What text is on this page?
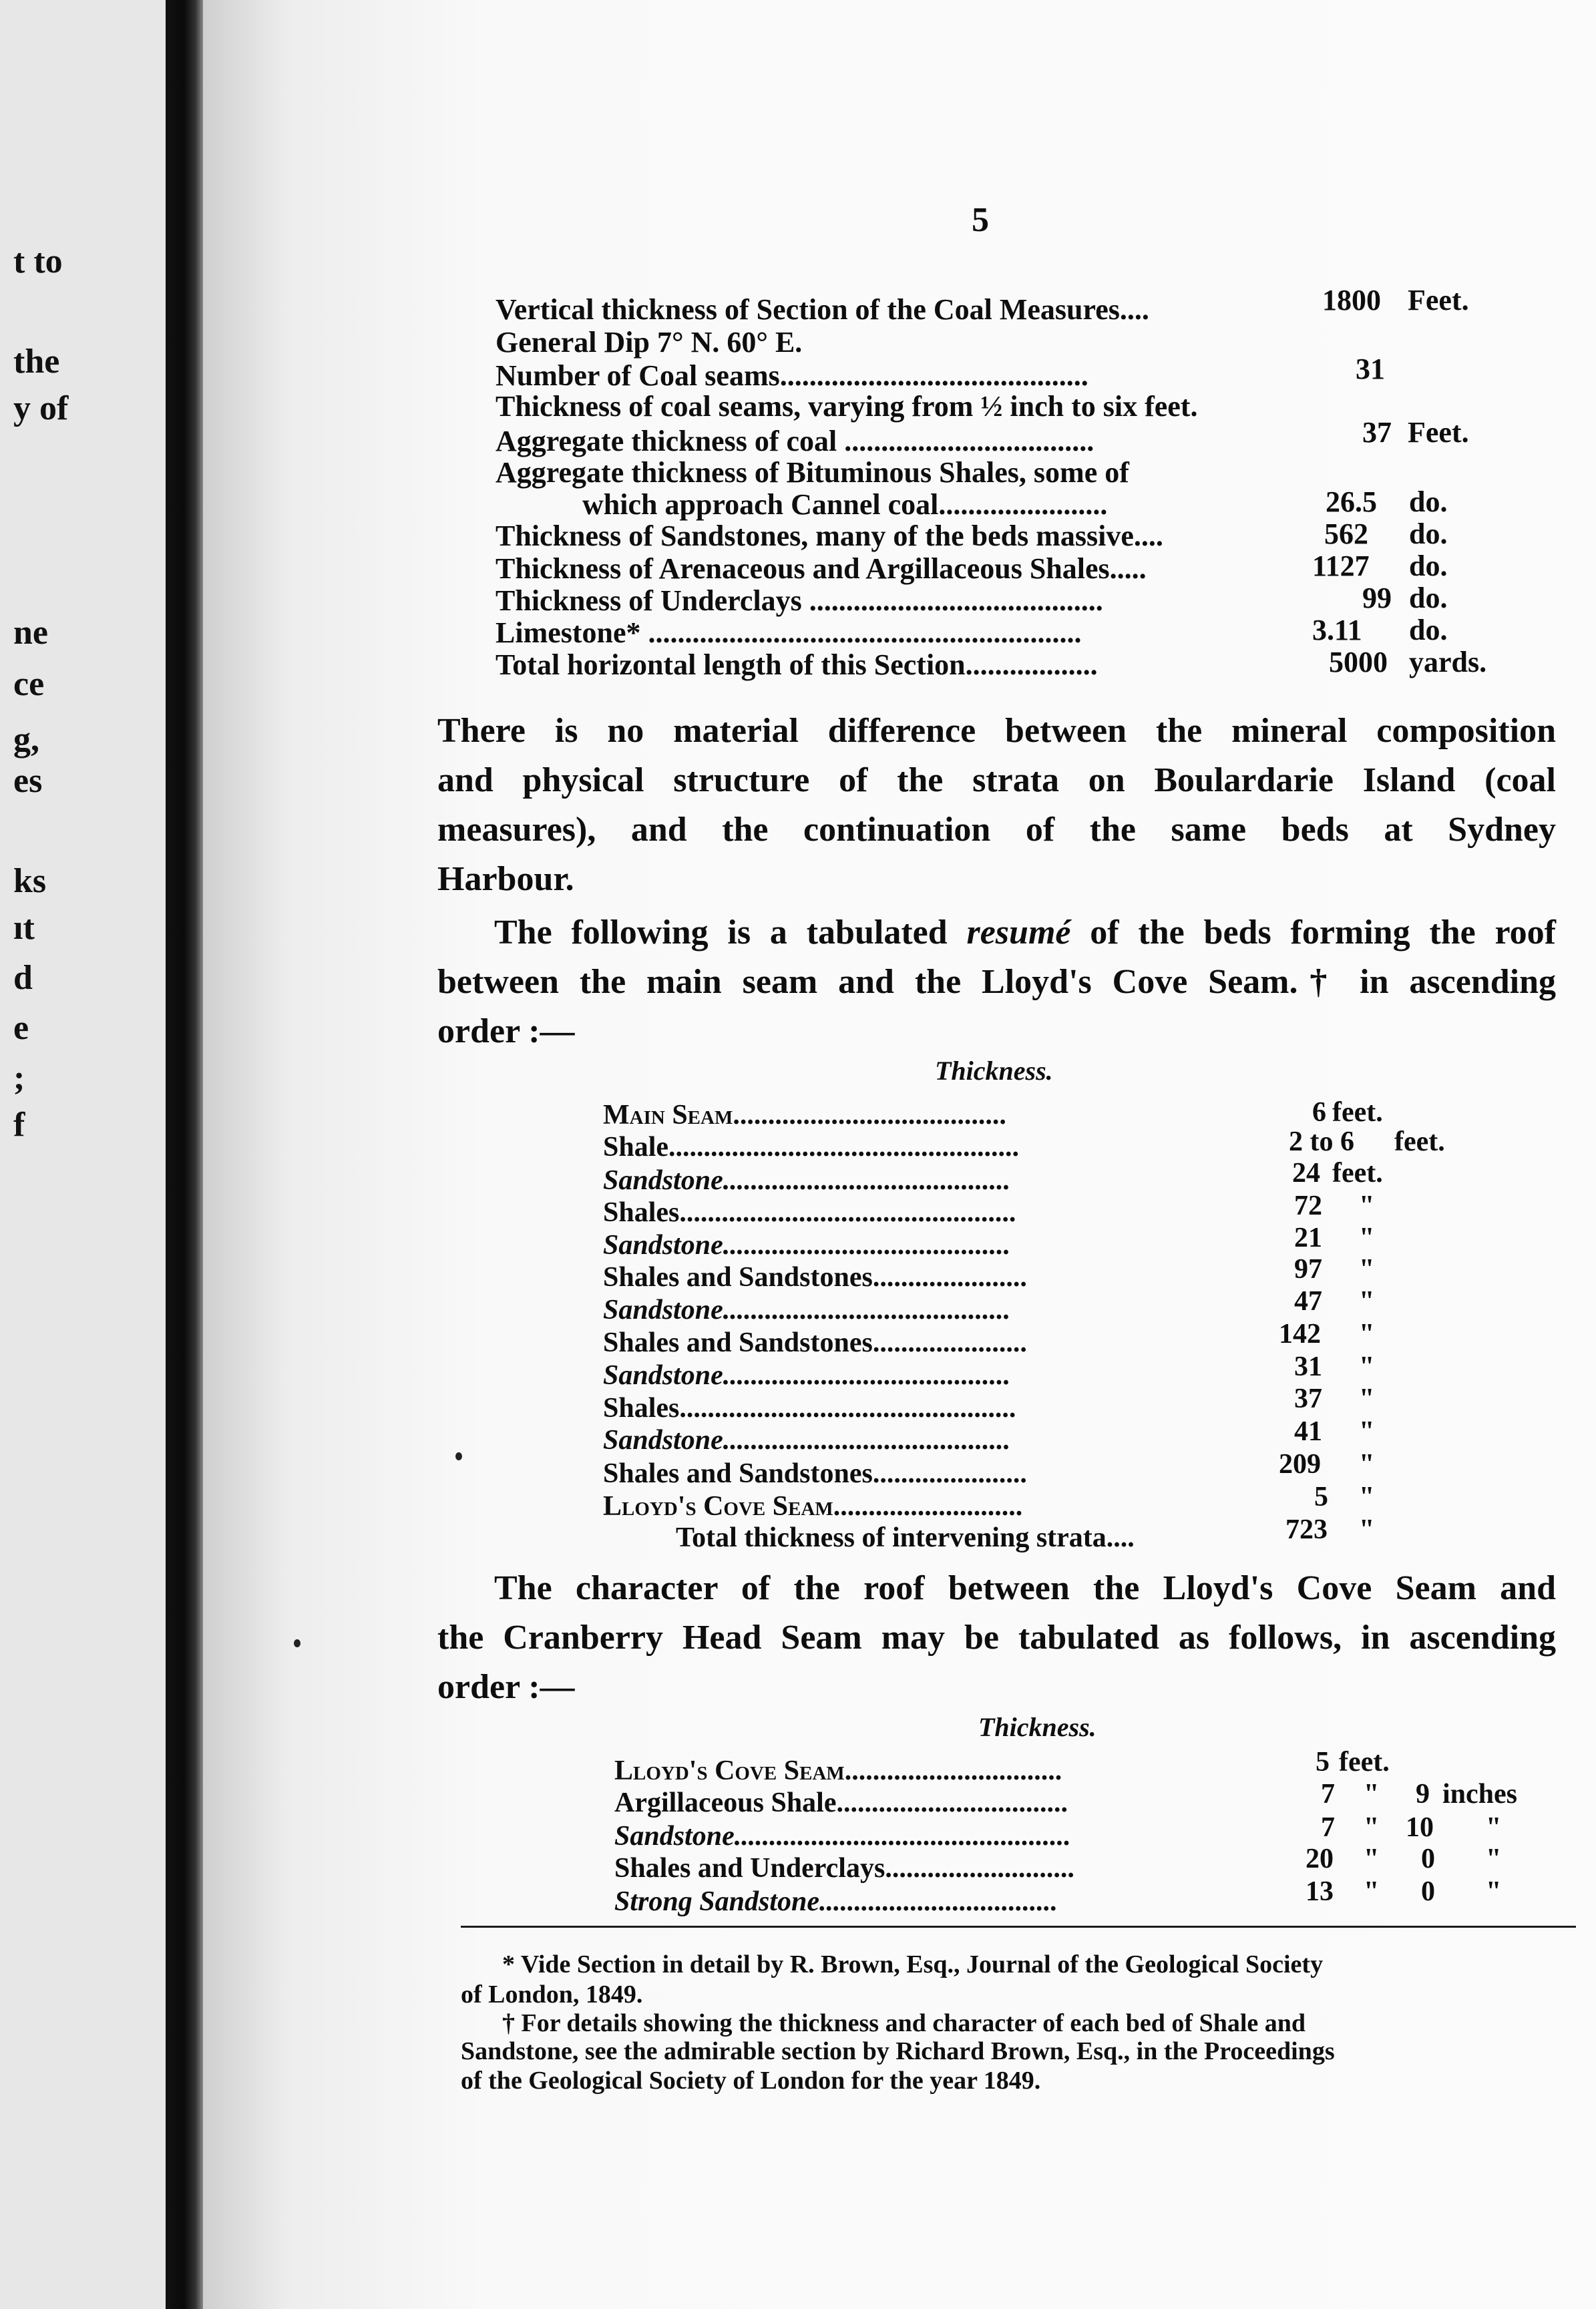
t to
the
y of
ne
ce
g,
es
ks
ıt
d
e
;
f
5
Vertical thickness of Section of the Coal Measures....	1800 Feet.
General Dip 7° N. 60° E.
Number of Coal seams..........................................	31
Thickness of coal seams, varying from ½ inch to six feet.
Aggregate thickness of coal ..................................	37 Feet.
Aggregate thickness of Bituminous Shales, some of
which approach Cannel coal.......................	26.5 do.
Thickness of Sandstones, many of the beds massive....	562 do.
Thickness of Arenaceous and Argillaceous Shales.....	1127 do.
Thickness of Underclays ........................................	99 do.
Limestone* ...........................................................	3.11 do.
Total horizontal length of this Section..................	5000 yards.

There is no material difference between the mineral composition

and physical structure of the strata on Boulardarie Island (coal

measures), and the continuation of the same beds at Sydney

Harbour.

The following is a tabulated resumé of the beds forming the roof

between the main seam and the Lloyd's Cove Seam.† in ascending

order :—

Thickness.
Main Seam.......................................	6 feet.
Shale..................................................	2 to 6 feet.
Sandstone.........................................	24 feet.
Shales................................................	72 "
Sandstone.........................................	21 "
Shales and Sandstones......................	97 "
Sandstone.........................................	47 "
Shales and Sandstones......................	142 "
Sandstone.........................................	31 "
Shales................................................	37 "
Sandstone.........................................	41 "
Shales and Sandstones......................	209 "
Lloyd's Cove Seam...........................	5 "
Total thickness of intervening strata....	723 "

The character of the roof between the Lloyd's Cove Seam and

the Cranberry Head Seam may be tabulated as follows, in ascending

order :—

Thickness.
Lloyd's Cove Seam...............................	5 feet.
Argillaceous Shale.................................	7 " 9 inches
Sandstone................................................	7 " 10 "
Shales and Underclays...........................	20 " 0 "
Strong Sandstone..................................	13 " 0 "
* Vide Section in detail by R. Brown, Esq., Journal of the Geological Society
of London, 1849.
† For details showing the thickness and character of each bed of Shale and
Sandstone, see the admirable section by Richard Brown, Esq., in the Proceedings
of the Geological Society of London for the year 1849.
